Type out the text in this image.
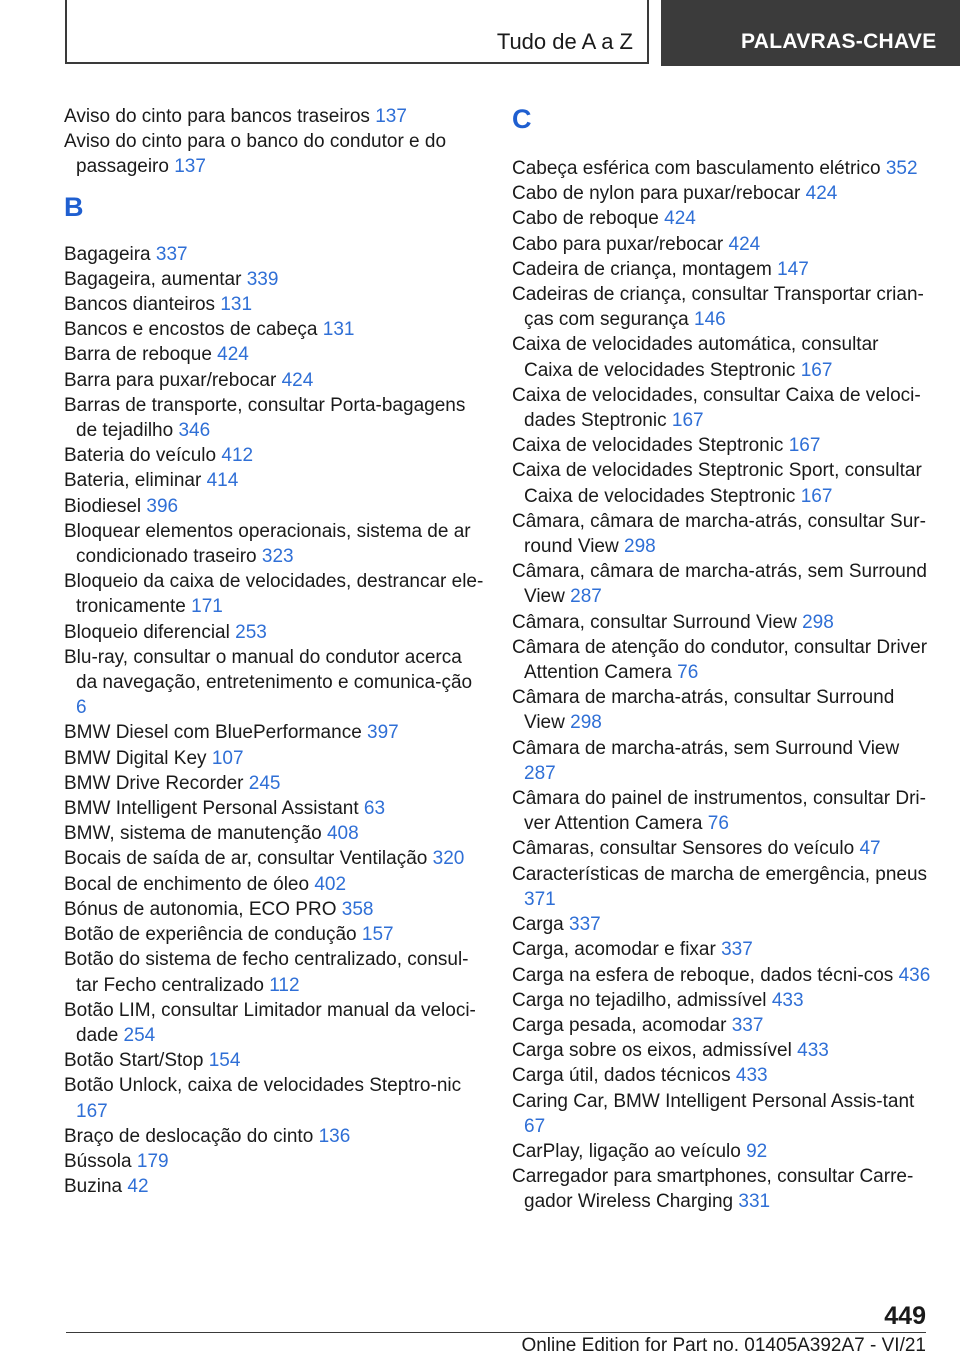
Tudo de A a Z	PALAVRAS-CHAVE
Aviso do cinto para bancos traseiros 137
Aviso do cinto para o banco do condutor e do passageiro 137
B
Bagageira 337
Bagageira, aumentar 339
Bancos dianteiros 131
Bancos e encostos de cabeça 131
Barra de reboque 424
Barra para puxar/rebocar 424
Barras de transporte, consultar Porta-bagagens de tejadilho 346
Bateria do veículo 412
Bateria, eliminar 414
Biodiesel 396
Bloquear elementos operacionais, sistema de ar condicionado traseiro 323
Bloqueio da caixa de velocidades, destrancar ele-tronicamente 171
Bloqueio diferencial 253
Blu-ray, consultar o manual do condutor acerca da navegação, entretenimento e comunica-ção 6
BMW Diesel com BluePerformance 397
BMW Digital Key 107
BMW Drive Recorder 245
BMW Intelligent Personal Assistant 63
BMW, sistema de manutenção 408
Bocais de saída de ar, consultar Ventilação 320
Bocal de enchimento de óleo 402
Bónus de autonomia, ECO PRO 358
Botão de experiência de condução 157
Botão do sistema de fecho centralizado, consul-tar Fecho centralizado 112
Botão LIM, consultar Limitador manual da veloci-dade 254
Botão Start/Stop 154
Botão Unlock, caixa de velocidades Steptro-nic 167
Braço de deslocação do cinto 136
Bússola 179
Buzina 42
C
Cabeça esférica com basculamento elétrico 352
Cabo de nylon para puxar/rebocar 424
Cabo de reboque 424
Cabo para puxar/rebocar 424
Cadeira de criança, montagem 147
Cadeiras de criança, consultar Transportar crian-ças com segurança 146
Caixa de velocidades automática, consultar Caixa de velocidades Steptronic 167
Caixa de velocidades, consultar Caixa de veloci-dades Steptronic 167
Caixa de velocidades Steptronic 167
Caixa de velocidades Steptronic Sport, consultar Caixa de velocidades Steptronic 167
Câmara, câmara de marcha-atrás, consultar Sur-round View 298
Câmara, câmara de marcha-atrás, sem Surround View 287
Câmara, consultar Surround View 298
Câmara de atenção do condutor, consultar Driver Attention Camera 76
Câmara de marcha-atrás, consultar Surround View 298
Câmara de marcha-atrás, sem Surround View 287
Câmara do painel de instrumentos, consultar Dri-ver Attention Camera 76
Câmaras, consultar Sensores do veículo 47
Características de marcha de emergência, pneus 371
Carga 337
Carga, acomodar e fixar 337
Carga na esfera de reboque, dados técni-cos 436
Carga no tejadilho, admissível 433
Carga pesada, acomodar 337
Carga sobre os eixos, admissível 433
Carga útil, dados técnicos 433
Caring Car, BMW Intelligent Personal Assis-tant 67
CarPlay, ligação ao veículo 92
Carregador para smartphones, consultar Carre-gador Wireless Charging 331
449
Online Edition for Part no. 01405A392A7 - VI/21
